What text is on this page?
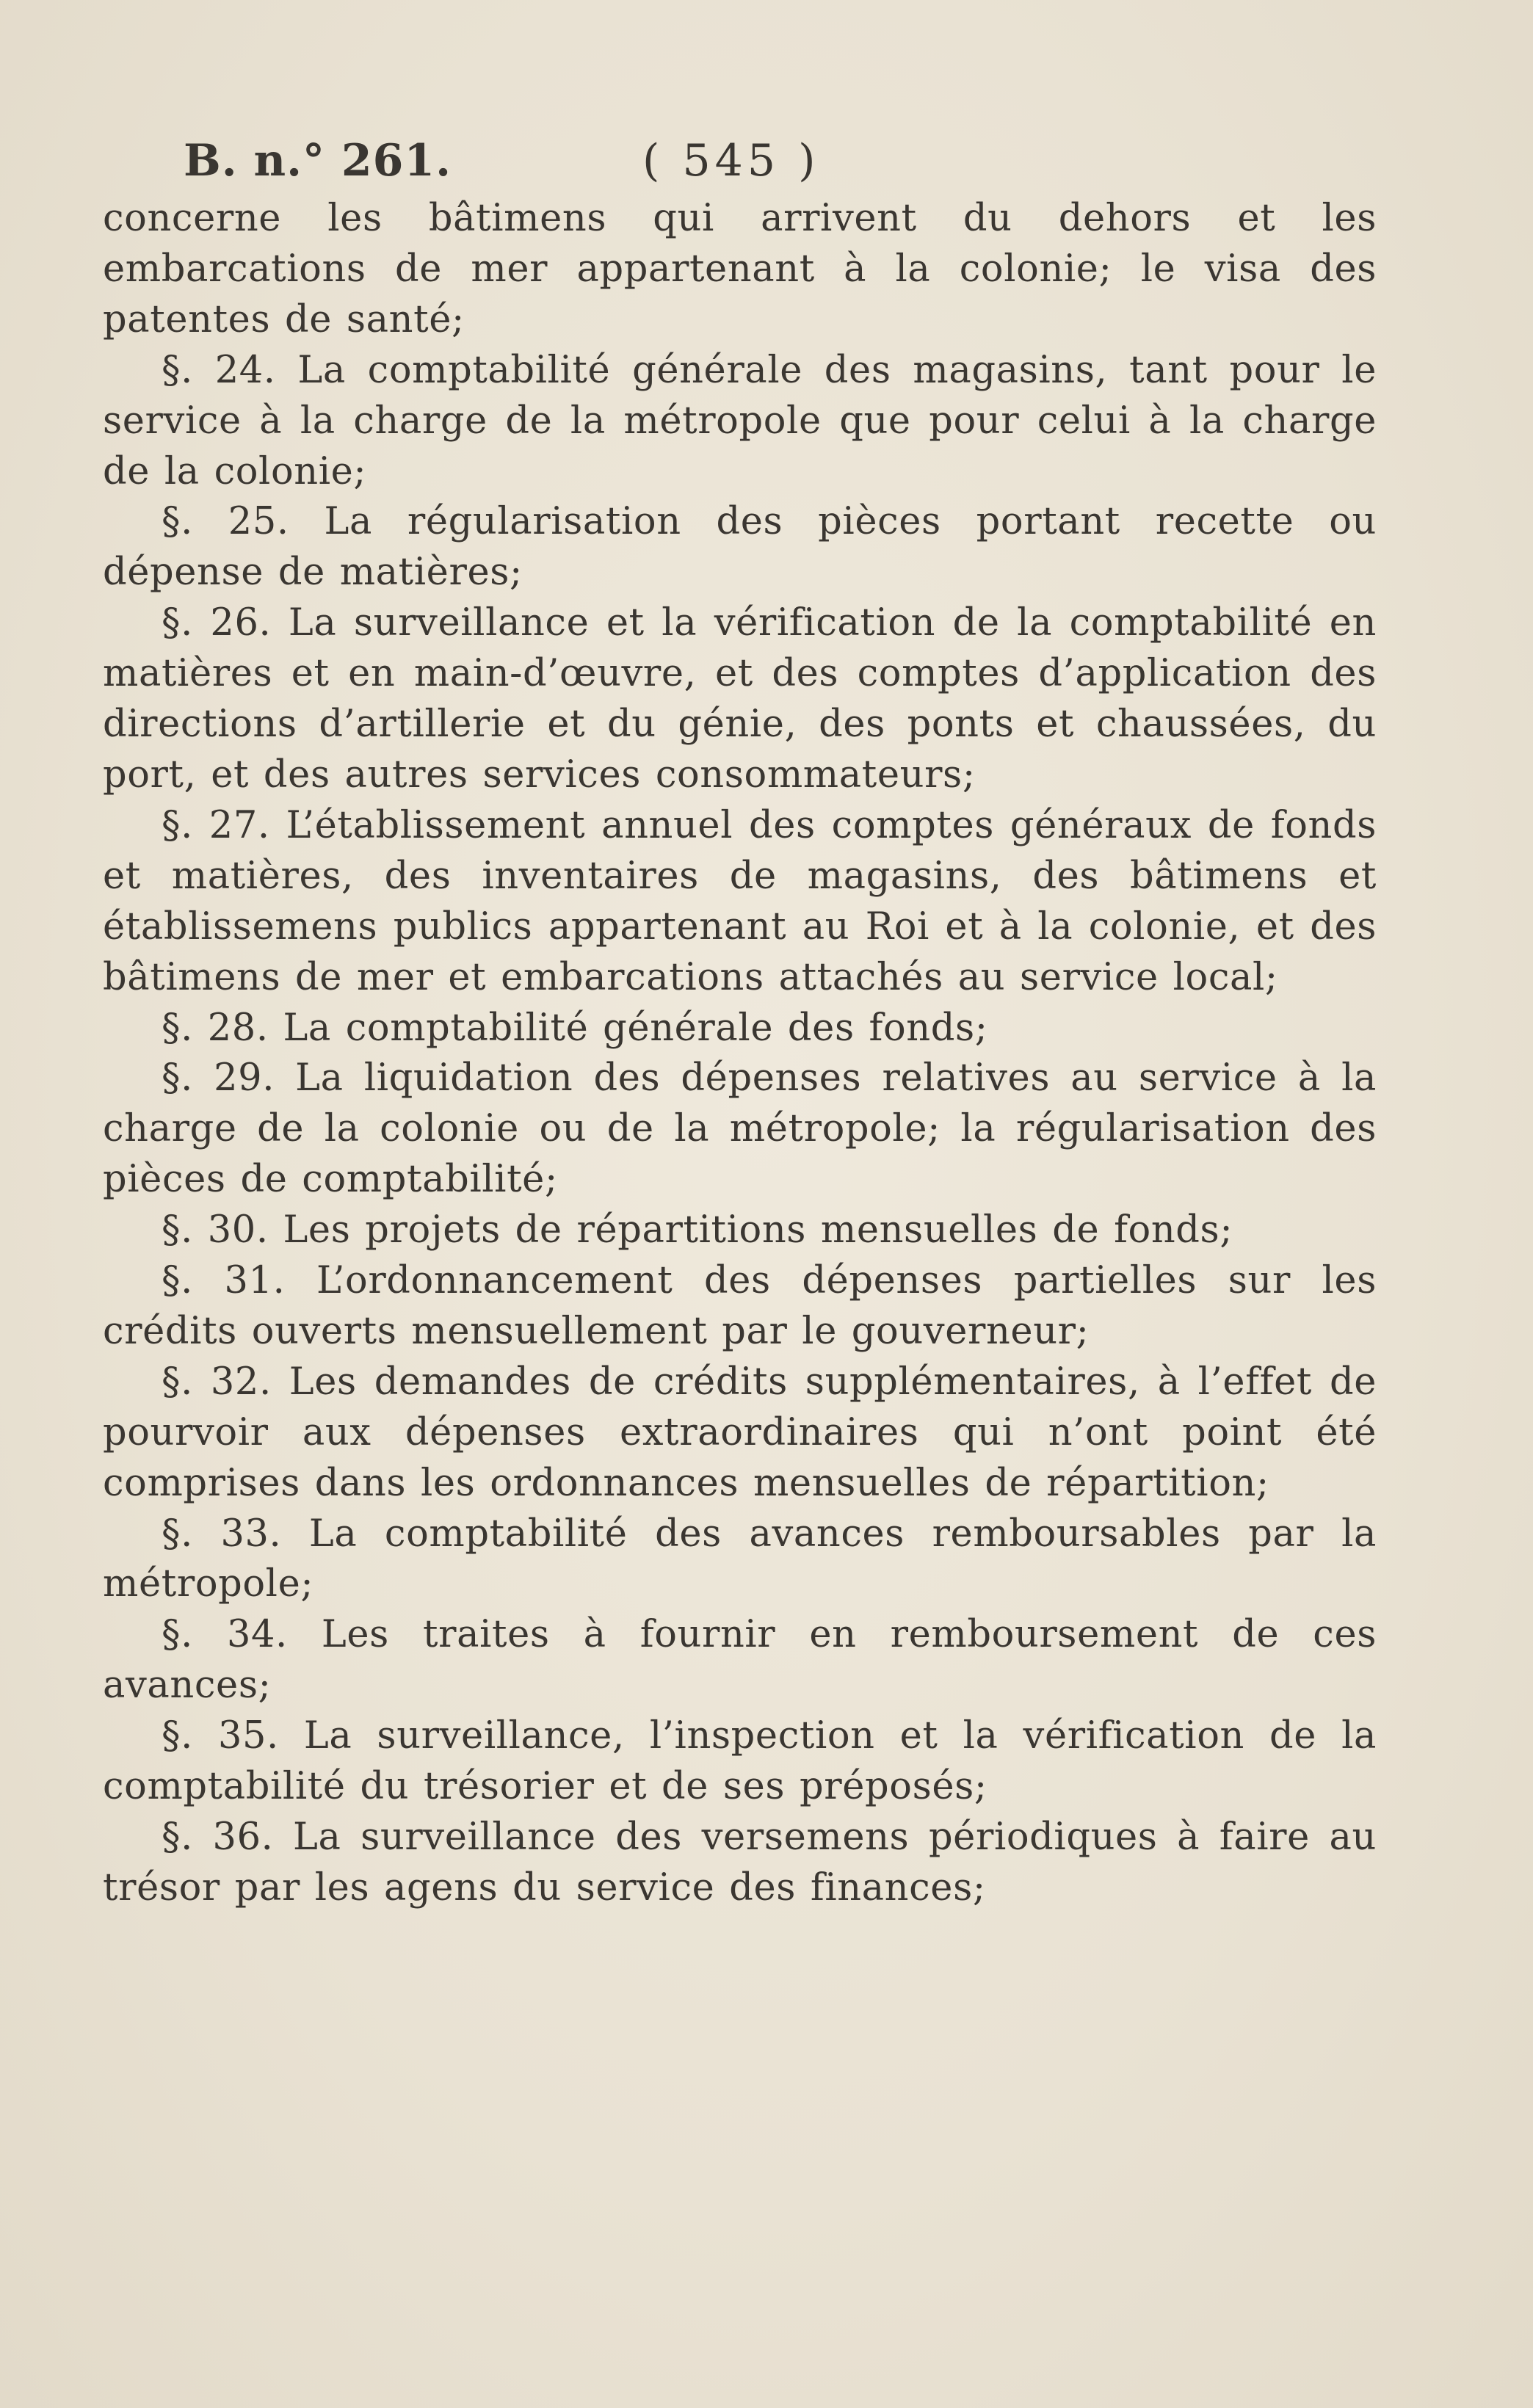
B. n.° 261.	( 545 )

concerne les bâtimens qui arrivent du dehors et les embarcations de mer appartenant à la colonie; le visa des patentes de santé;

§. 24. La comptabilité générale des magasins, tant pour le service à la charge de la métropole que pour celui à la charge de la colonie;

§. 25. La régularisation des pièces portant recette ou dépense de matières;

§. 26. La surveillance et la vérification de la comptabilité en matières et en main-d’œuvre, et des comptes d’application des directions d’artillerie et du génie, des ponts et chaussées, du port, et des autres services consommateurs;

§. 27. L’établissement annuel des comptes généraux de fonds et matières, des inventaires de magasins, des bâtimens et établissemens publics appartenant au Roi et à la colonie, et des bâtimens de mer et embarcations attachés au service local;

§. 28. La comptabilité générale des fonds;

§. 29. La liquidation des dépenses relatives au service à la charge de la colonie ou de la métropole; la régularisation des pièces de comptabilité;

§. 30. Les projets de répartitions mensuelles de fonds;

§. 31. L’ordonnancement des dépenses partielles sur les crédits ouverts mensuellement par le gouverneur;

§. 32. Les demandes de crédits supplémentaires, à l’effet de pourvoir aux dépenses extraordinaires qui n’ont point été comprises dans les ordonnances mensuelles de répartition;

§. 33. La comptabilité des avances remboursables par la métropole;

§. 34. Les traites à fournir en remboursement de ces avances;

§. 35. La surveillance, l’inspection et la vérification de la comptabilité du trésorier et de ses préposés;

§. 36. La surveillance des versemens périodiques à faire au trésor par les agens du service des finances;
